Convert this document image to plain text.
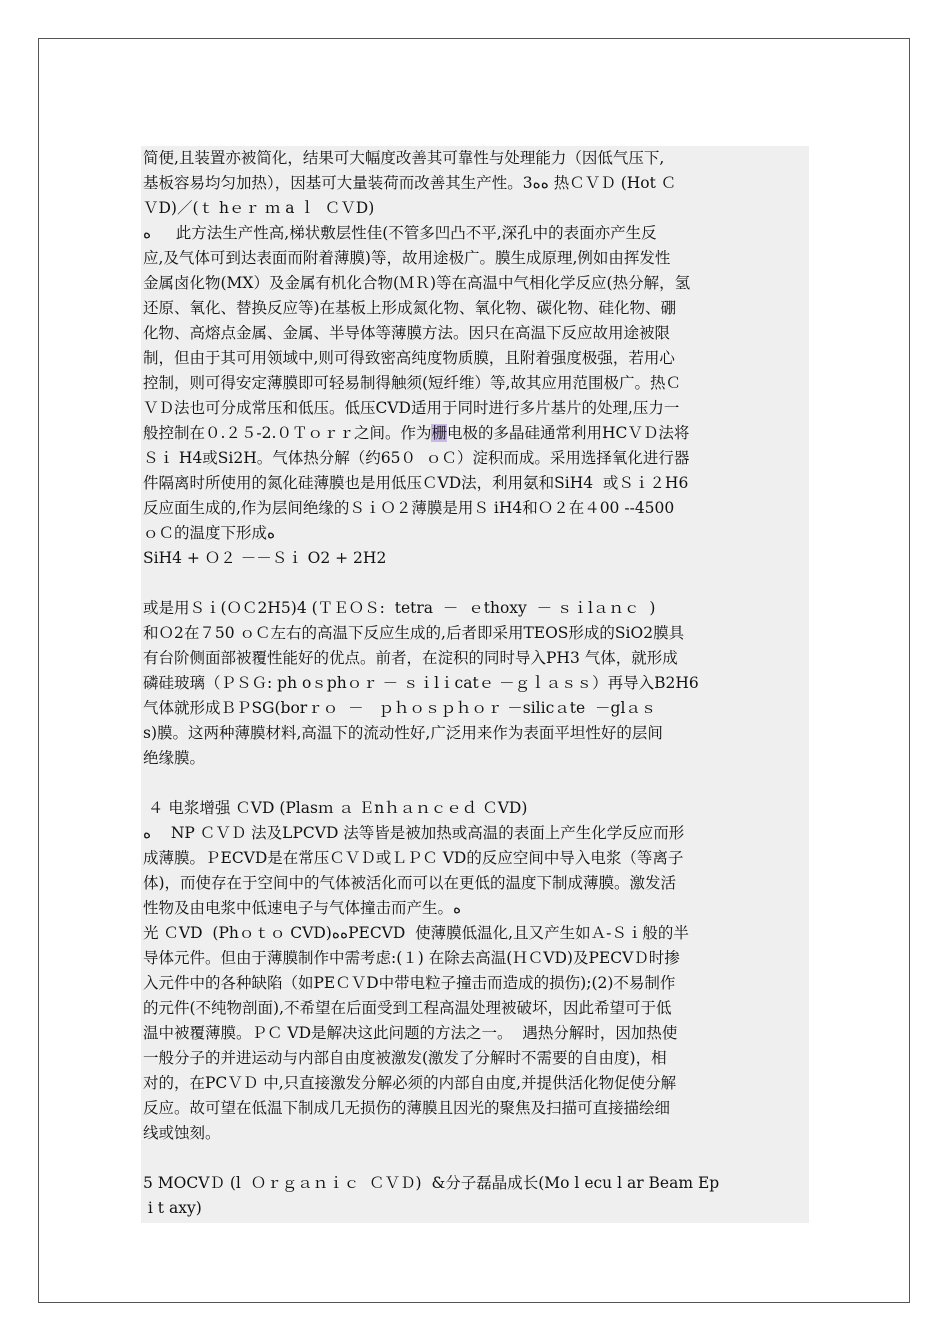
简便,且装置亦被简化，结果可大幅度改善其可靠性与处理能力（因低气压下,
基板容易均匀加热），因基可大量装荷而改善其生产性。3ﻩﻩ 热ＣＶＤ (Hot Ｃ
ＶD)／(ｔ hｅｒ ｍ a ｌ  ＣＶD)
ﻩ     此方法生产性高,梯状敷层性佳(不管多凹凸不平,深孔中的表面亦产生反
应,及气体可到达表面而附着薄膜)等，故用途极广。膜生成原理,例如由挥发性
金属卤化物(MX）及金属有机化合物(ＭＲ)等在高温中气相化学反应(热分解，氢
还原、氧化、替换反应等)在基板上形成氮化物、氧化物、碳化物、硅化物、硼
化物、高熔点金属、金属、半导体等薄膜方法。因只在高温下反应故用途被限
制，但由于其可用领域中,则可得致密高纯度物质膜，且附着强度极强，若用心
控制，则可得安定薄膜即可轻易制得触须(短纤维）等,故其应用范围极广。热Ｃ
ＶＤ法也可分成常压和低压。低压CVD适用于同时进行多片基片的处理,压力一
般控制在０.２５-2.０Ｔｏｒｒ之间。作为栅电极的多晶硅通常利用HCＶＤ法将
Ｓｉ H4或Si2H。气体热分解（约65０  ｏＣ）淀积而成。采用选择氧化进行器
件隔离时所使用的氮化硅薄膜也是用低压ＣVD法，利用氨和SiH4  或Ｓｉ２H6
反应面生成的,作为层间绝缘的ＳｉＯ２薄膜是用Ｓ iH4和Ｏ２在４00 --4500
ｏＣ的温度下形成ﻩ
SiH4 + Ｏ２ －－Ｓｉ O2 + 2H2
或是用Ｓｉ(ＯＣ2H5)4 (ＴＥＯＳ:  tetra  －  ｅthoxy  － ｓｉlａｎｃ  )
和Ｏ2在７50 ｏＣ左右的高温下反应生成的,后者即采用TEOS形成的SiO2膜具
有台阶侧面部被覆性能好的优点。前者，在淀积的同时导入PH3 气体，就形成
磷硅玻璃（ＰＳＧ: ph oｓphｏｒ － ｓｉlｉcatｅ －ｇｌａｓｓ）再导入B2H6
气体就形成ＢＰSG(borｒｏ  －   ｐｈｏｓｐｈｏｒ －silicａte  －glａｓ
s)膜。这两种薄膜材料,高温下的流动性好,广泛用来作为表面平坦性好的层间
绝缘膜。
４ 电浆增强 ＣVD (Plasｍ ａ Ｅnｈａｎｃｅｄ ＣVD)
ﻩ    NP ＣＶＤ 法及LPCVD 法等皆是被加热或高温的表面上产生化学反应而形
成薄膜。ＰECVD是在常压ＣＶＤ或ＬＰＣ VD的反应空间中导入电浆（等离子
体)，而使存在于空间中的气体被活化而可以在更低的温度下制成薄膜。激发活
性物及由电浆中低速电子与气体撞击而产生。ﻩ
光 ＣVD  (Phｏｔｏ CVD)ﻩﻩPECVD  使薄膜低温化,且又产生如Ａ-Ｓｉ般的半
导体元件。但由于薄膜制作中需考虑:(１) 在除去高温(ＨＣVD)及PECVＤ时掺
入元件中的各种缺陷（如PEＣＶD中带电粒子撞击而造成的损伤);(2)不易制作
的元件(不纯物剖面),不希望在后面受到工程高温处理被破坏，因此希望可于低
温中被覆薄膜。ＰＣ VD是解决这此问题的方法之一。  遇热分解时，因加热使
一般分子的并进运动与内部自由度被激发(激发了分解时不需要的自由度)，相
对的，在PCＶＤ 中,只直接激发分解必须的内部自由度,并提供活化物促使分解
反应。故可望在低温下制成几无损伤的薄膜且因光的聚焦及扫描可直接描绘细
线或蚀刻。
5 MOCVＤ (l  Ｏｒｇａｎｉｃ  ＣＶＤ)  &分子磊晶成长(Mo l ecu l ar Beam Ep
i t axy)
